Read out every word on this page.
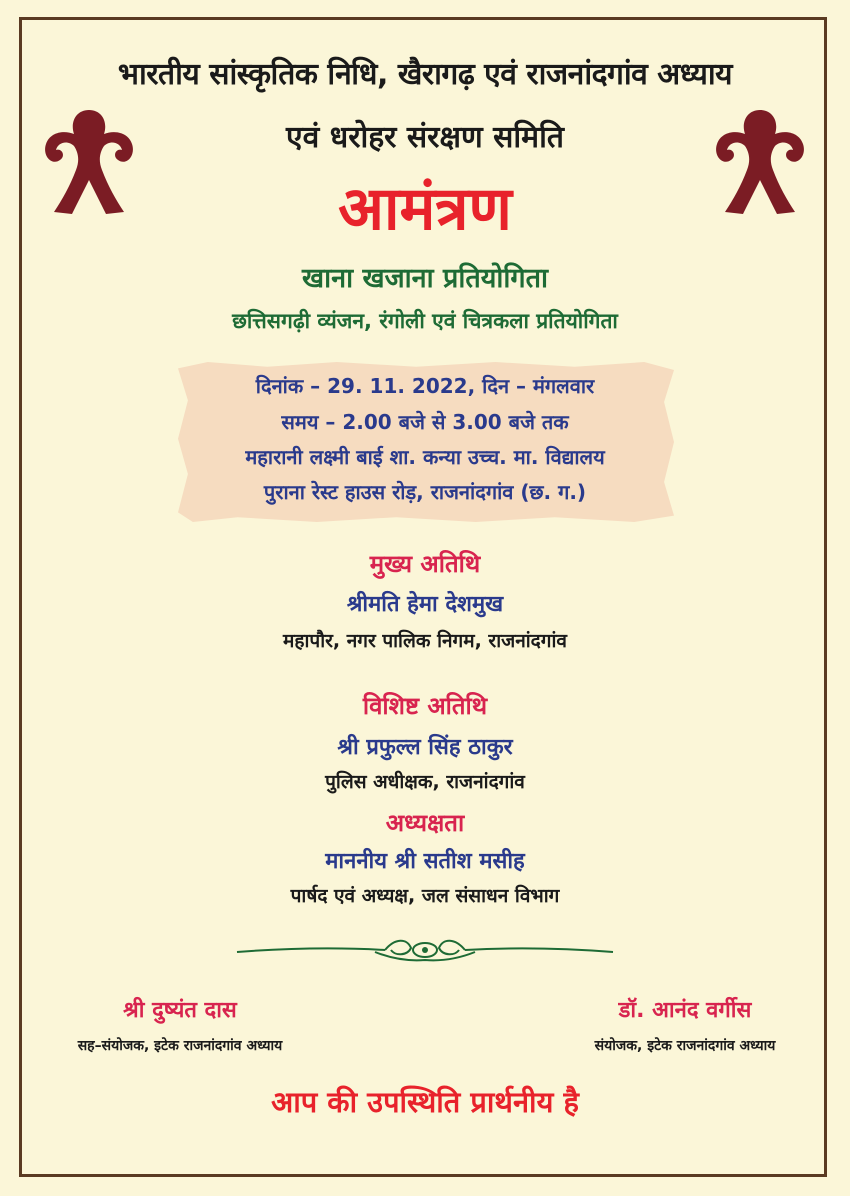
भारतीय सांस्कृतिक निधि, खैरागढ़ एवं राजनांदगांव अध्याय
एवं धरोहर संरक्षण समिति
आमंत्रण
खाना खजाना प्रतियोगिता
छत्तिसगढ़ी व्यंजन, रंगोली एवं चित्रकला प्रतियोगिता
दिनांक – 29. 11. 2022, दिन – मंगलवार
समय – 2.00 बजे से 3.00 बजे तक
महारानी लक्ष्मी बाई शा. कन्या उच्च. मा. विद्यालय
पुराना रेस्ट हाउस रोड़, राजनांदगांव (छ. ग.)
मुख्य अतिथि
श्रीमति हेमा देशमुख
महापौर, नगर पालिक निगम, राजनांदगांव
विशिष्ट अतिथि
श्री प्रफुल्ल सिंह ठाकुर
पुलिस अधीक्षक, राजनांदगांव
अध्यक्षता
माननीय श्री सतीश मसीह
पार्षद एवं अध्यक्ष, जल संसाधन विभाग
श्री दुष्यंत दास
सह–संयोजक, इटेक राजनांदगांव अध्याय
डॉ. आनंद वर्गीस
संयोजक, इटेक राजनांदगांव अध्याय
आप की उपस्थिति प्रार्थनीय है
